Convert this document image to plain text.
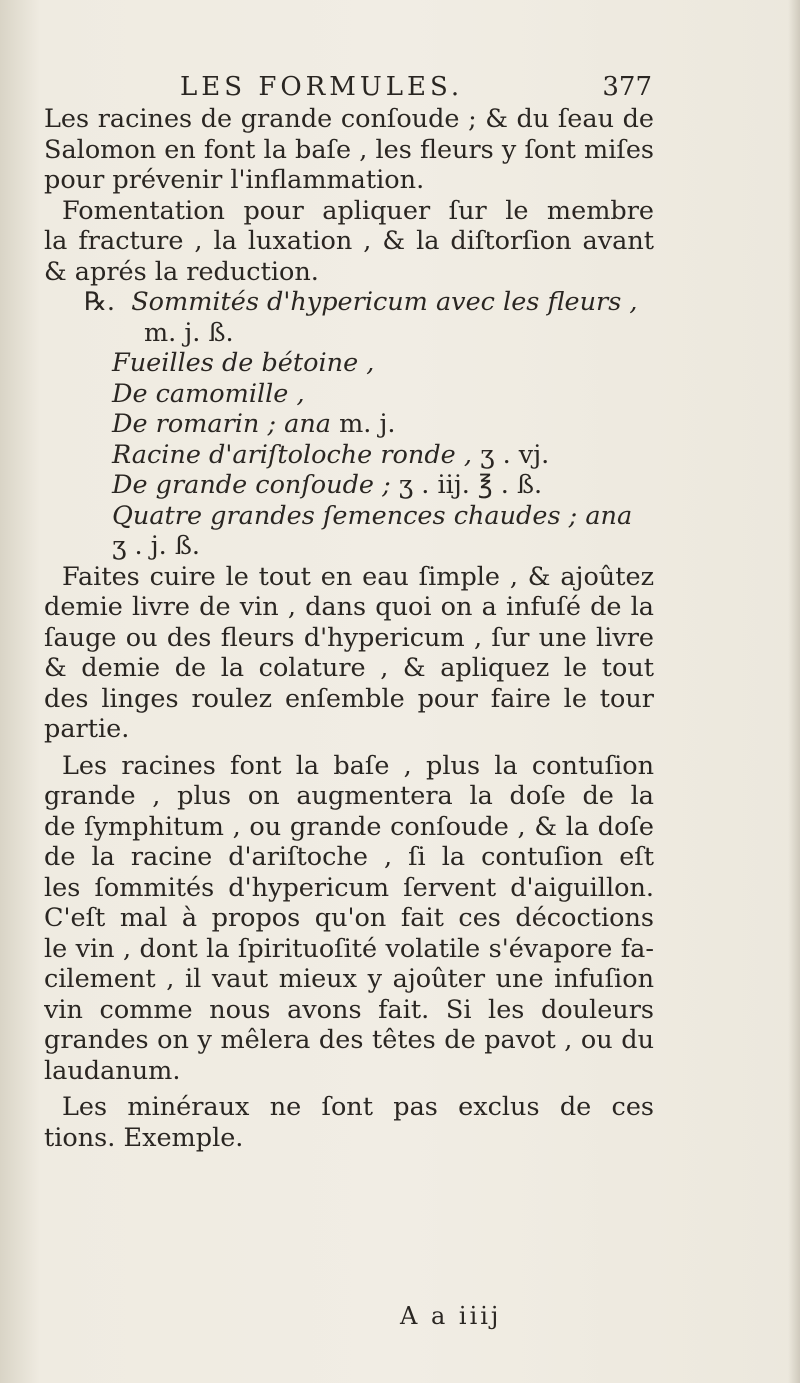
LES FORMULES.	377
Les racines de grande conſoude ; & du ſeau de
Salomon en font la baſe , les fleurs y ſont miſes
pour prévenir l'inflammation.
Fomentation pour apliquer ſur le membre
la fracture , la luxation , & la diſtorſion avant
& aprés la reduction.
℞. Sommités d'hypericum avec les fleurs ,
m. j. ß.
Fueilles de bétoine ,
De camomille ,
De romarin ; ana m. j.
Racine d'ariſtoloche ronde , ʒ . vj.
De grande conſoude ; ʒ . iij. ℥ . ß.
Quatre grandes ſemences chaudes ; ana
ʒ . j. ß.
Faites cuire le tout en eau ſimple , & ajoûtez
demie livre de vin , dans quoi on a infuſé de la
ſauge ou des fleurs d'hypericum , ſur une livre
& demie de la colature , & apliquez le tout
des linges roulez enſemble pour faire le tour
partie.
Les racines font la baſe , plus la contuſion
grande , plus on augmentera la doſe de la
de ſymphitum , ou grande conſoude , & la doſe
de la racine d'ariſtoche , ſi la contuſion eſt
les ſommités d'hypericum ſervent d'aiguillon.
C'eſt mal à propos qu'on fait ces décoctions
le vin , dont la ſpirituoſité volatile s'évapore fa-
cilement , il vaut mieux y ajoûter une infuſion
vin comme nous avons fait. Si les douleurs
grandes on y mêlera des têtes de pavot , ou du
laudanum.
Les minéraux ne ſont pas exclus de ces
tions. Exemple.
A a iiij
